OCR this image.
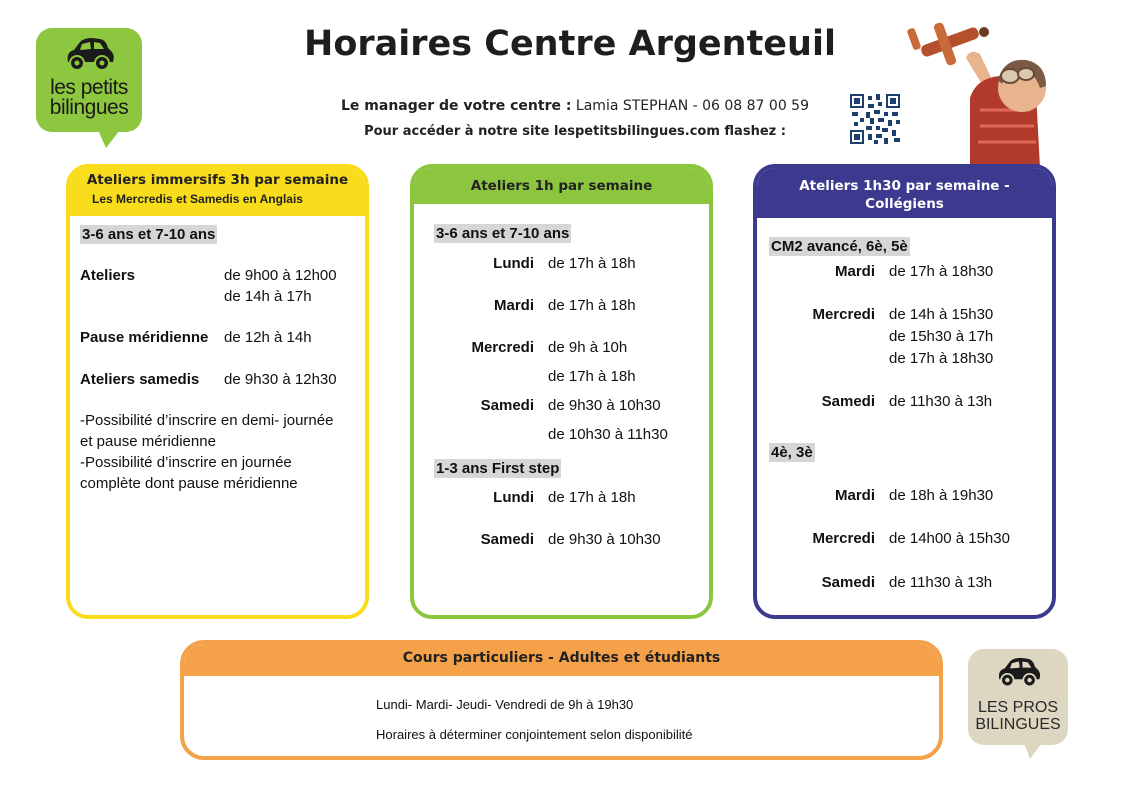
les petits
bilingues
Horaires Centre Argenteuil
Le manager de votre centre : Lamia STEPHAN - 06 08 87 00 59
Pour accéder à notre site lespetitsbilingues.com flashez :
Ateliers immersifs 3h par semaine
Les Mercredis et Samedis en Anglais
3-6 ans et 7-10 ans
Ateliers	de 9h00 à 12h00
de 14h à 17h
Pause méridienne de 12h à 14h
Ateliers samedis de 9h30 à 12h30
-Possibilité d’inscrire en demi- journée
et pause méridienne
-Possibilité d’inscrire en journée
complète dont pause méridienne
Ateliers 1h par semaine
3-6 ans et 7-10 ans
Lundi de 17h à 18h
Mardi de 17h à 18h
Mercredi de 9h à 10h
de 17h à 18h
Samedi de 9h30 à 10h30
de 10h30 à 11h30
1-3 ans First step
Lundi de 17h à 18h
Samedi de 9h30 à 10h30
Ateliers 1h30 par semaine -
Collégiens
CM2 avancé, 6è, 5è
Mardi de 17h à 18h30
Mercredi de 14h à 15h30
de 15h30 à 17h
de 17h à 18h30
Samedi de 11h30 à 13h
4è, 3è
Mardi de 18h à 19h30
Mercredi de 14h00 à 15h30
Samedi de 11h30 à 13h
Cours particuliers - Adultes et étudiants
Lundi- Mardi- Jeudi- Vendredi de 9h à 19h30
Horaires à déterminer conjointement selon disponibilité
LES PROS
BILINGUES
